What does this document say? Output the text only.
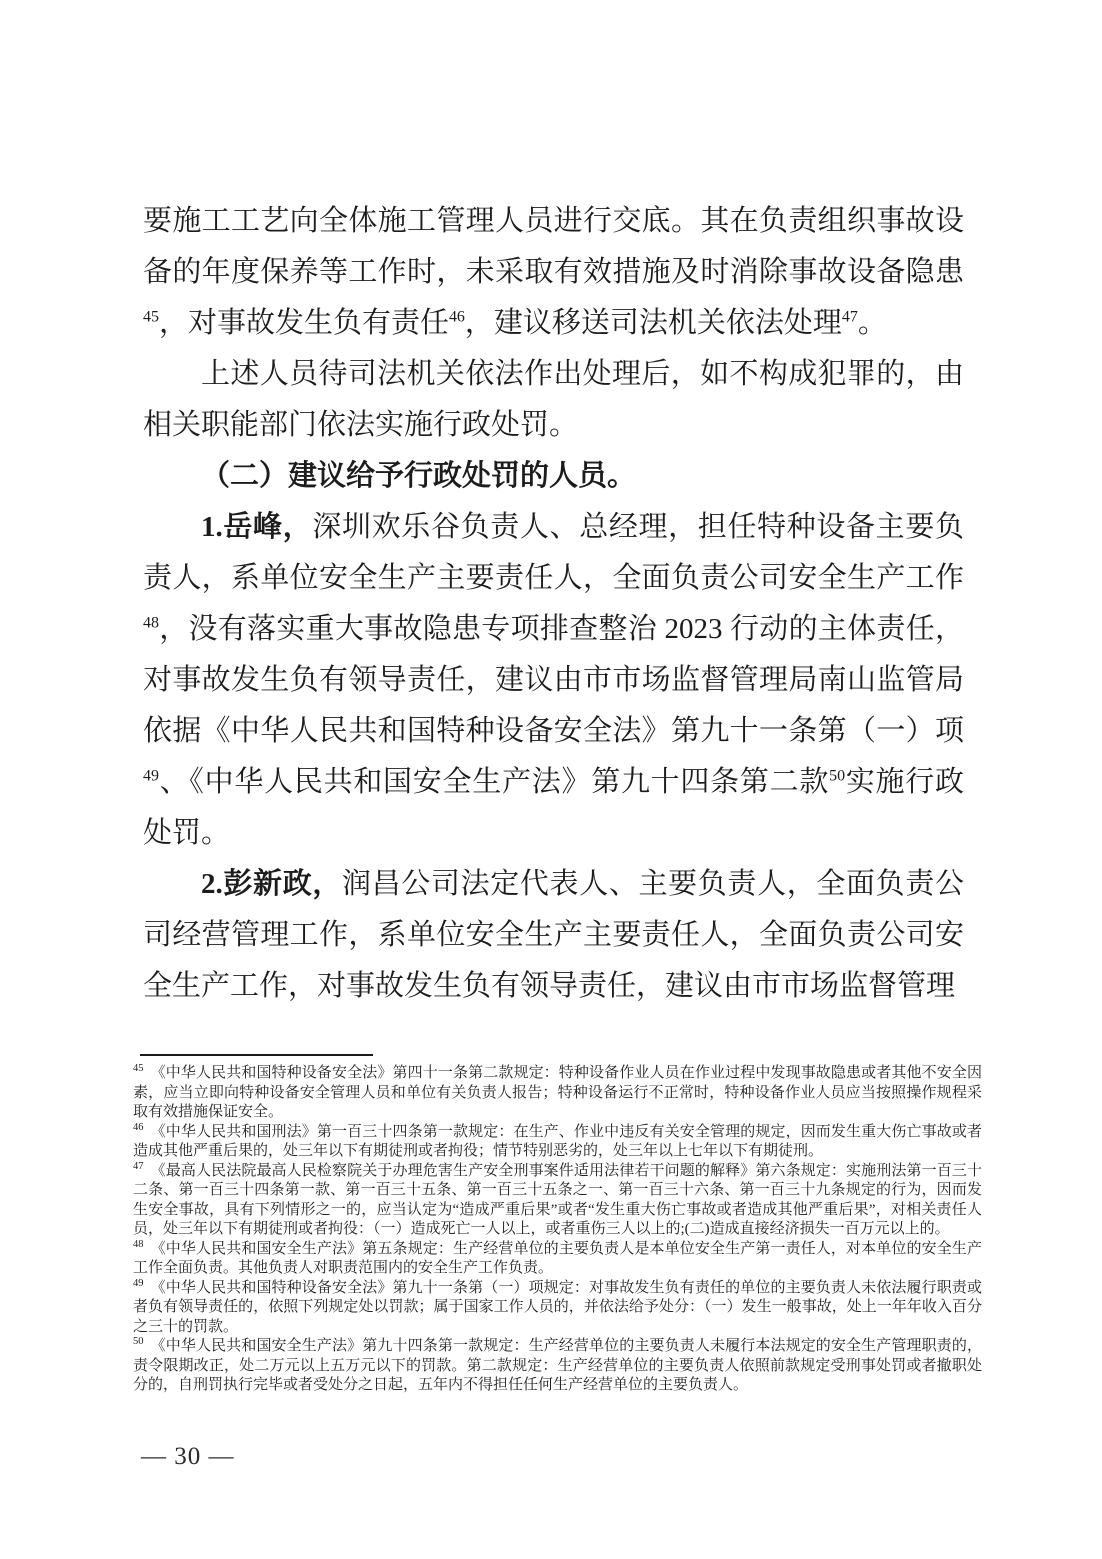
要施工工艺向全体施工管理人员进行交底。其在负责组织事故设备的年度保养等工作时，未采取有效措施及时消除事故设备隐患$^{45}$，对事故发生负有责任$^{46}$，建议移送司法机关依法处理$^{47}$。

上述人员待司法机关依法作出处理后，如不构成犯罪的，由相关职能部门依法实施行政处罚。

（二）建议给予行政处罚的人员。

1.岳峰，深圳欢乐谷负责人、总经理，担任特种设备主要负责人，系单位安全生产主要责任人，全面负责公司安全生产工作$^{48}$，没有落实重大事故隐患专项排查整治 2023 行动的主体责任，对事故发生负有领导责任，建议由市市场监督管理局南山监管局依据《中华人民共和国特种设备安全法》第九十一条第（一）项$^{49}$、《中华人民共和国安全生产法》第九十四条第二款$^{50}$实施行政处罚。

2.彭新政，润昌公司法定代表人、主要负责人，全面负责公司经营管理工作，系单位安全生产主要责任人，全面负责公司安全生产工作，对事故发生负有领导责任，建议由市市场监督管理

$^{45}$ 《中华人民共和国特种设备安全法》第四十一条第二款规定：特种设备作业人员在作业过程中发现事故隐患或者其他不安全因素，应当立即向特种设备安全管理人员和单位有关负责人报告；特种设备运行不正常时，特种设备作业人员应当按照操作规程采取有效措施保证安全。
$^{46}$ 《中华人民共和国刑法》第一百三十四条第一款规定：在生产、作业中违反有关安全管理的规定，因而发生重大伤亡事故或者造成其他严重后果的，处三年以下有期徒刑或者拘役；情节特别恶劣的，处三年以上七年以下有期徒刑。
$^{47}$ 《最高人民法院最高人民检察院关于办理危害生产安全刑事案件适用法律若干问题的解释》第六条规定：实施刑法第一百三十二条、第一百三十四条第一款、第一百三十五条、第一百三十五条之一、第一百三十六条、第一百三十九条规定的行为，因而发生安全事故，具有下列情形之一的，应当认定为“造成严重后果”或者“发生重大伤亡事故或者造成其他严重后果”，对相关责任人员，处三年以下有期徒刑或者拘役：（一）造成死亡一人以上，或者重伤三人以上的;(二)造成直接经济损失一百万元以上的。
$^{48}$ 《中华人民共和国安全生产法》第五条规定：生产经营单位的主要负责人是本单位安全生产第一责任人，对本单位的安全生产工作全面负责。其他负责人对职责范围内的安全生产工作负责。
$^{49}$ 《中华人民共和国特种设备安全法》第九十一条第（一）项规定：对事故发生负有责任的单位的主要负责人未依法履行职责或者负有领导责任的，依照下列规定处以罚款；属于国家工作人员的，并依法给予处分：（一）发生一般事故，处上一年年收入百分之三十的罚款。
$^{50}$ 《中华人民共和国安全生产法》第九十四条第一款规定：生产经营单位的主要负责人未履行本法规定的安全生产管理职责的，责令限期改正，处二万元以上五万元以下的罚款。第二款规定：生产经营单位的主要负责人依照前款规定受刑事处罚或者撤职处分的，自刑罚执行完毕或者受处分之日起，五年内不得担任任何生产经营单位的主要负责人。
— 30 —
